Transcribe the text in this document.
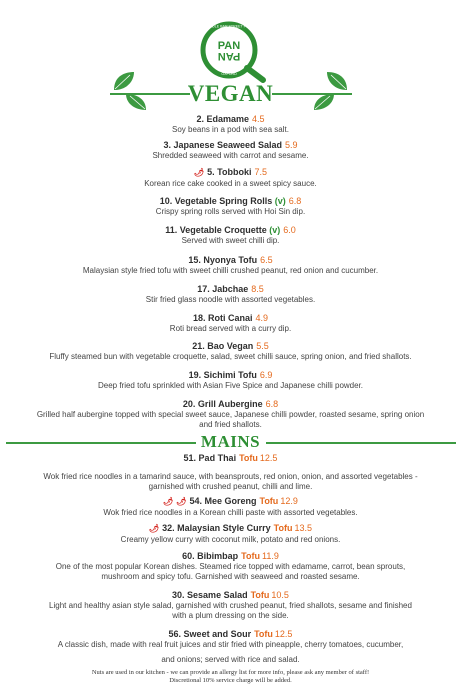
NOODLE BAR STREET FOOD
OXFORD
PAN
PAN
VEGAN
2. Edamame 4.5
Soy beans in a pod with sea salt.
3. Japanese Seaweed Salad 5.9
Shredded seaweed with carrot and sesame.
🌶 5. Tobboki 7.5
Korean rice cake cooked in a sweet spicy sauce.
10. Vegetable Spring Rolls (v) 6.8
Crispy spring rolls served with Hoi Sin dip.
11. Vegetable Croquette (v) 6.0
Served with sweet chilli dip.
15. Nyonya Tofu 6.5
Malaysian style fried tofu with sweet chilli crushed peanut, red onion and cucumber.
17. Jabchae 8.5
Stir fried glass noodle with assorted vegetables.
18. Roti Canai 4.9
Roti bread served with a curry dip.
21. Bao Vegan 5.5
Fluffy steamed bun with vegetable croquette, salad, sweet chilli sauce, spring onion, and fried shallots.
19. Sichimi Tofu 6.9
Deep fried tofu sprinkled with Asian Five Spice and Japanese chilli powder.
20. Grill Aubergine 6.8
Grilled half aubergine topped with special sweet sauce, Japanese chilli powder, roasted sesame, spring onion
and fried shallots.
MAINS
51. Pad Thai Tofu 12.5
Wok fried rice noodles in a tamarind sauce, with beansprouts, red onion, onion, and assorted vegetables -
garnished with crushed peanut, chilli and lime.
🌶 🌶 54. Mee Goreng Tofu 12.9
Wok fried rice noodles in a Korean chilli paste with assorted vegetables.
🌶 32. Malaysian Style Curry Tofu 13.5
Creamy yellow curry with coconut milk, potato and red onions.
60. Bibimbap Tofu 11.9
One of the most popular Korean dishes. Steamed rice topped with edamame, carrot, bean sprouts,
mushroom and spicy tofu. Garnished with seaweed and roasted sesame.
30. Sesame Salad Tofu 10.5
Light and healthy asian style salad, garnished with crushed peanut, fried shallots, sesame and finished
with a plum dressing on the side.
56. Sweet and Sour Tofu 12.5
A classic dish, made with real fruit juices and stir fried with pineapple, cherry tomatoes, cucumber,
and onions; served with rice and salad.
Nuts are used in our kitchen - we can provide an allergy list for more info, please ask any member of staff!
Discretional 10% service charge will be added.
